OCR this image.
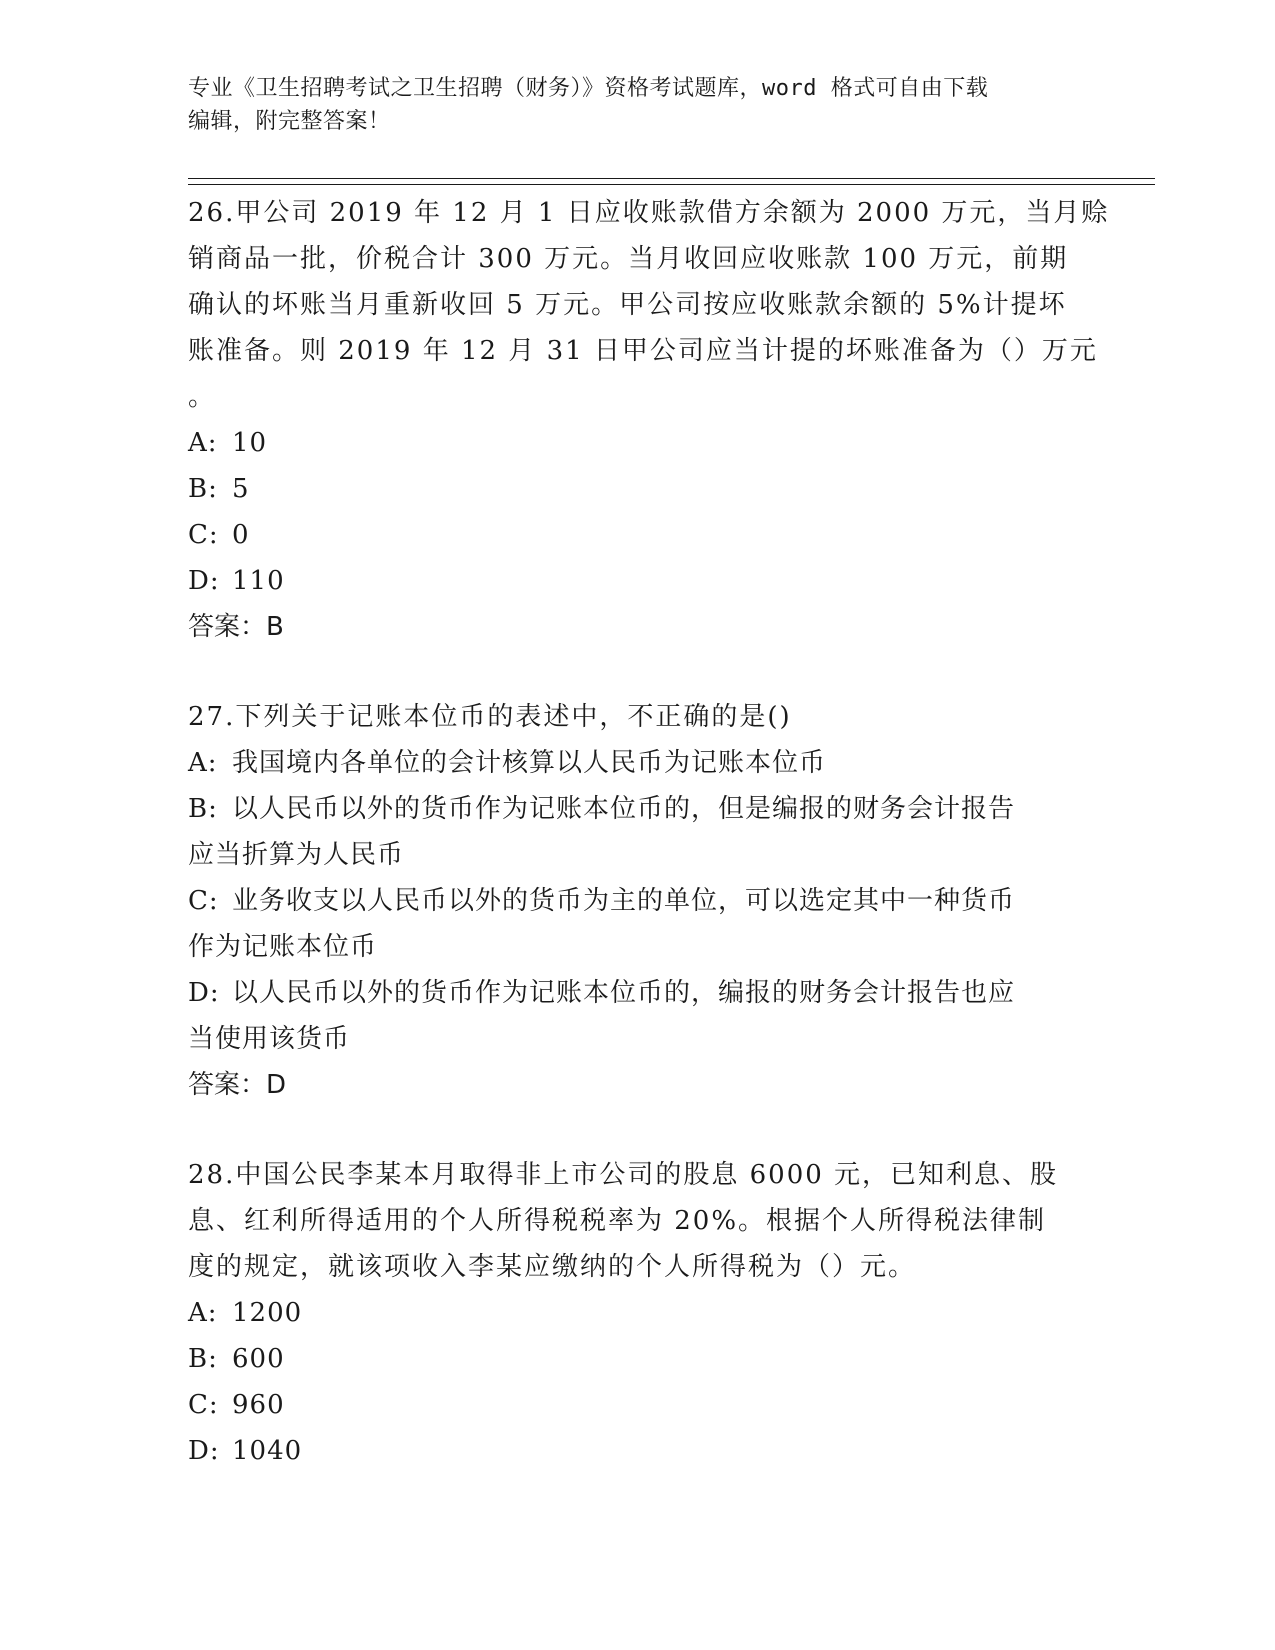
专业《卫生招聘考试之卫生招聘（财务）》资格考试题库，word 格式可自由下载
编辑，附完整答案！
26.甲公司 2019 年 12 月 1 日应收账款借方余额为 2000 万元，当月赊
销商品一批，价税合计 300 万元。当月收回应收账款 100 万元，前期
确认的坏账当月重新收回 5 万元。甲公司按应收账款余额的 5%计提坏
账准备。则 2019 年 12 月 31 日甲公司应当计提的坏账准备为（）万元
。
A: 10
B: 5
C: 0
D: 110
答案：B
27.下列关于记账本位币的表述中，不正确的是()
A: 我国境内各单位的会计核算以人民币为记账本位币
B: 以人民币以外的货币作为记账本位币的，但是编报的财务会计报告
应当折算为人民币
C: 业务收支以人民币以外的货币为主的单位，可以选定其中一种货币
作为记账本位币
D: 以人民币以外的货币作为记账本位币的，编报的财务会计报告也应
当使用该货币
答案：D
28.中国公民李某本月取得非上市公司的股息 6000 元，已知利息、股
息、红利所得适用的个人所得税税率为 20%。根据个人所得税法律制
度的规定，就该项收入李某应缴纳的个人所得税为（）元。
A: 1200
B: 600
C: 960
D: 1040
